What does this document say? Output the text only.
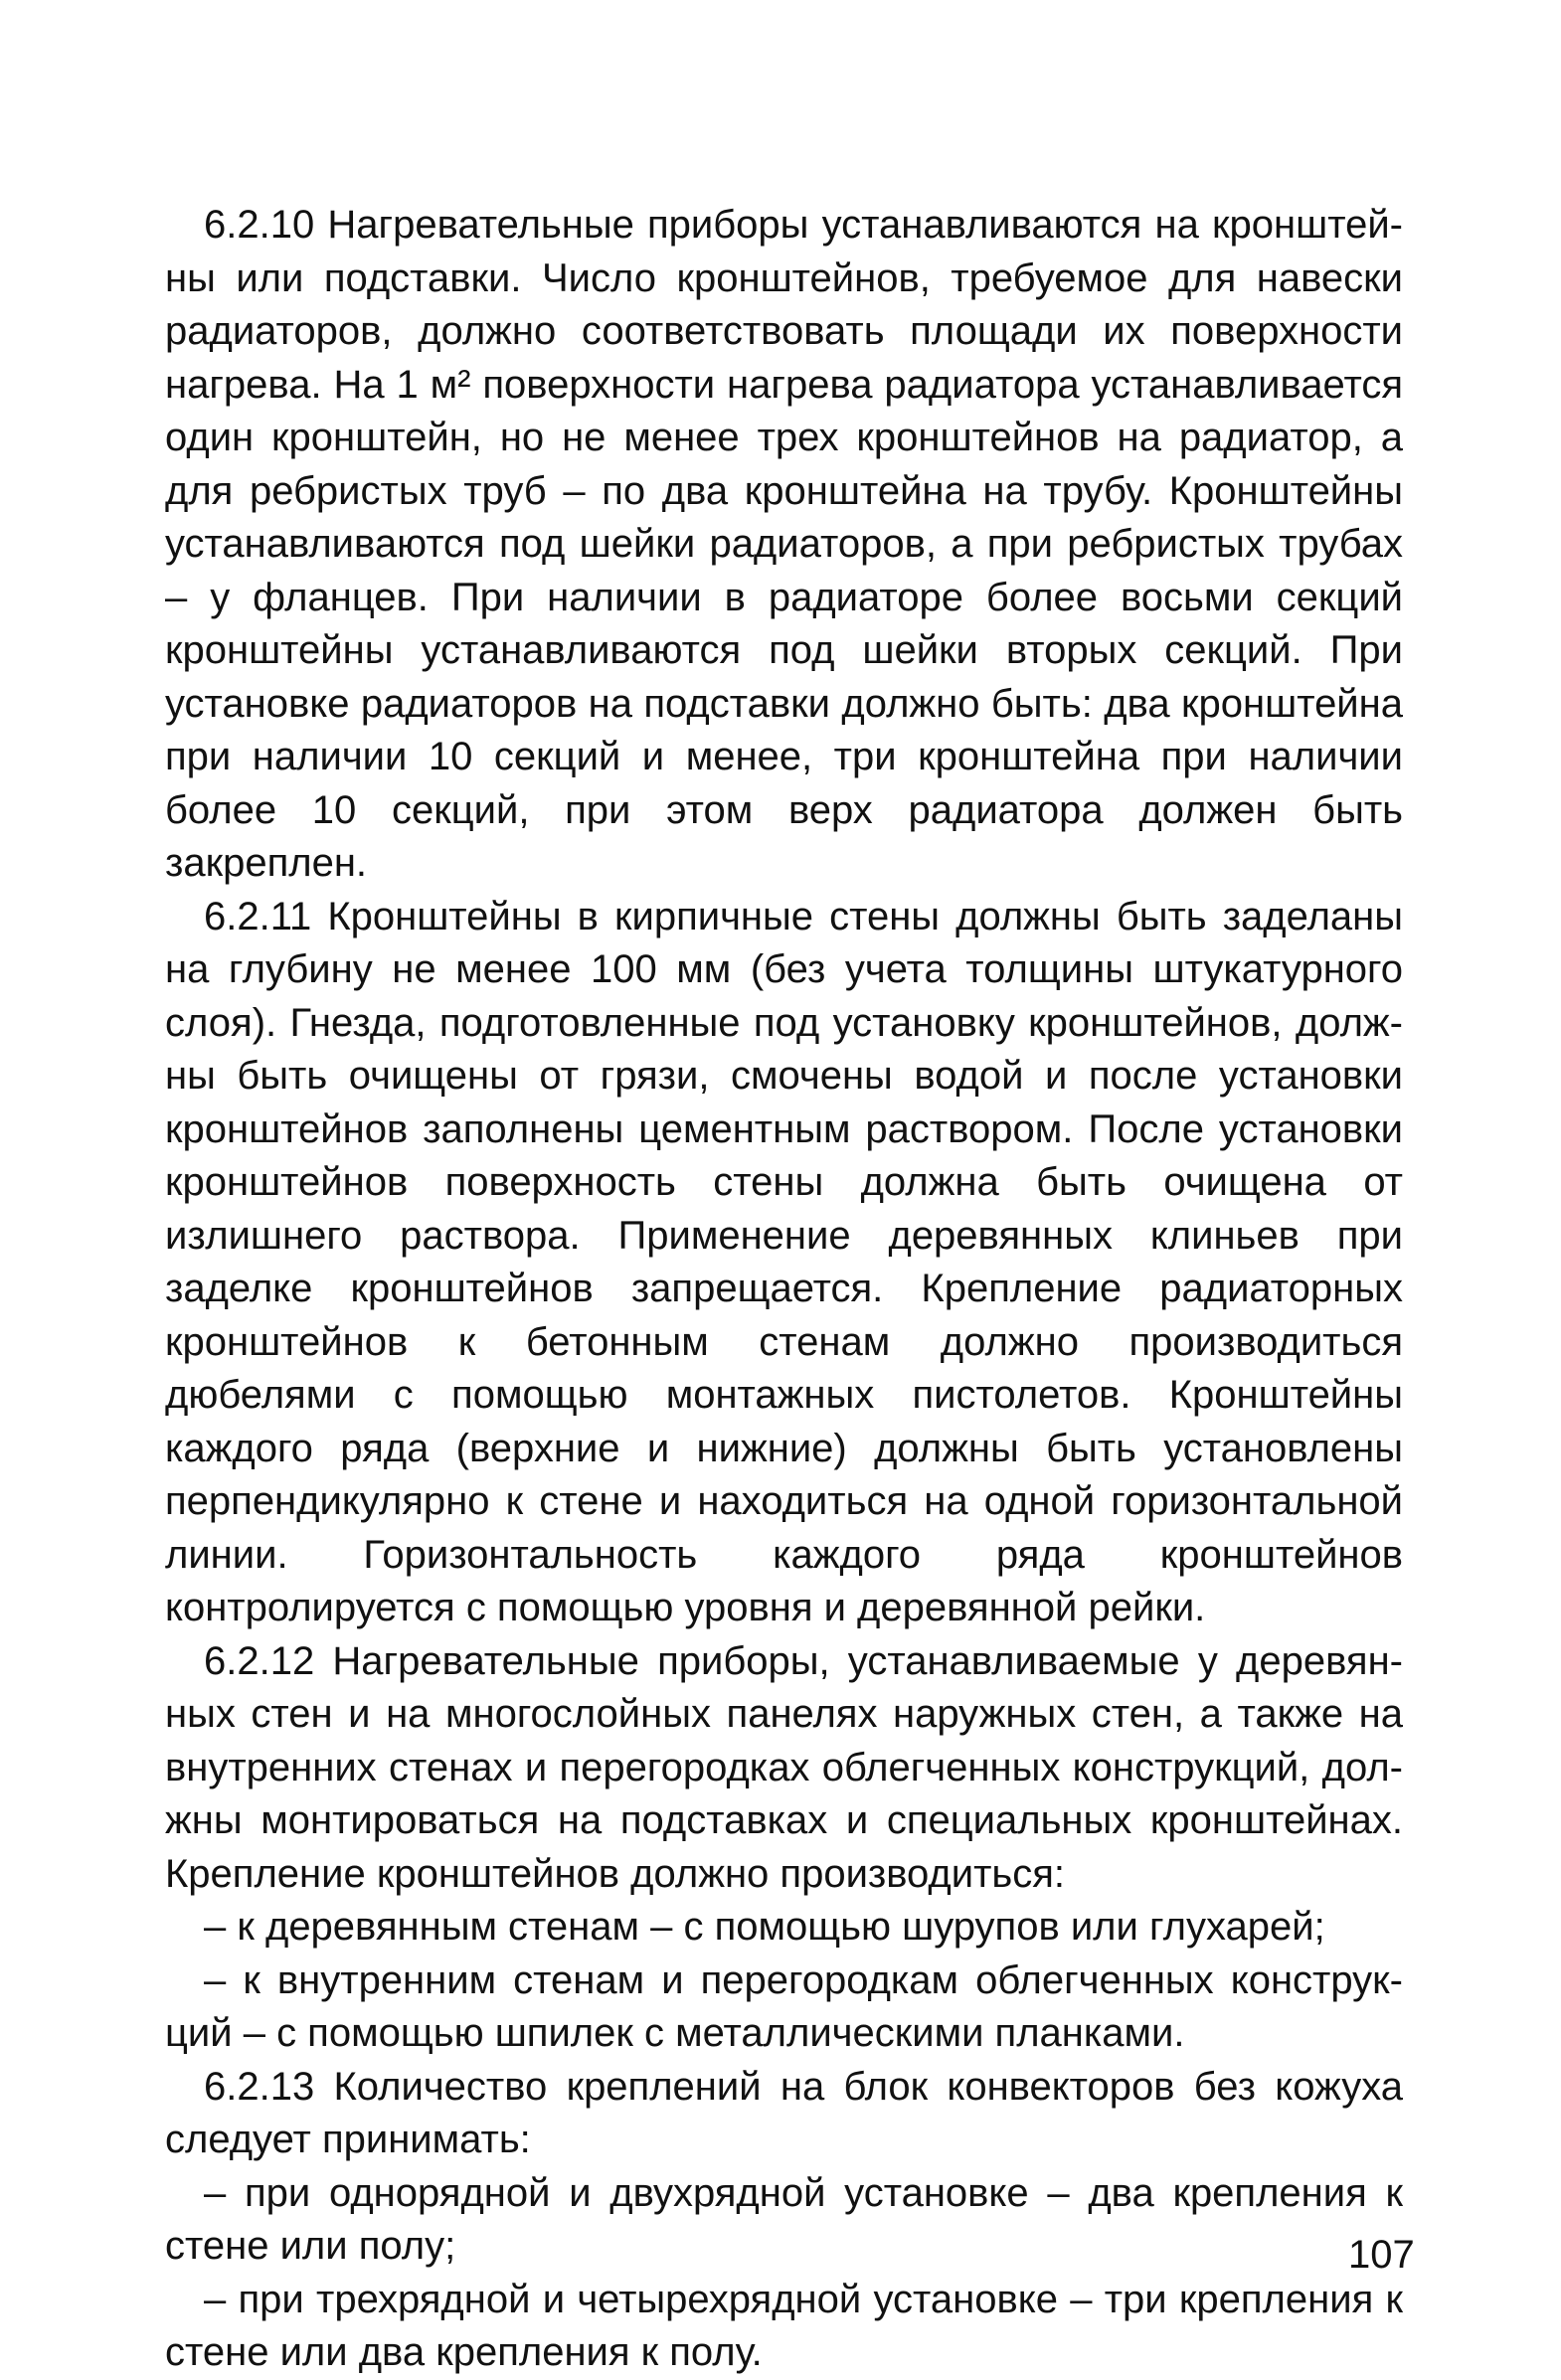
6.2.10 Нагревательные приборы устанавливаются на кронштейны или подставки. Число кронштейнов, требуемое для навески радиаторов, должно соответствовать площади их поверхности нагрева. На 1 м² поверхности нагрева радиатора устанавливается один кронштейн, но не менее трех кронштейнов на радиатор, а для ребристых труб – по два кронштейна на трубу. Кронштейны устанавливаются под шейки радиаторов, а при ребристых трубах – у фланцев. При наличии в радиаторе более восьми секций кронштейны устанавливаются под шейки вторых секций. При установке радиаторов на подставки должно быть: два кронштейна при наличии 10 секций и менее, три кронштейна при наличии более 10 секций, при этом верх радиатора должен быть закреплен.

6.2.11 Кронштейны в кирпичные стены должны быть заделаны на глубину не менее 100 мм (без учета толщины штукатурного слоя). Гнезда, подготовленные под установку кронштейнов, должны быть очищены от грязи, смочены водой и после установки кронштейнов заполнены цементным раствором. После установки кронштейнов поверхность стены должна быть очищена от излишнего раствора. Применение деревянных клиньев при заделке кронштейнов запрещается. Крепление радиаторных кронштейнов к бетонным стенам должно производиться дюбелями с помощью монтажных пистолетов. Кронштейны каждого ряда (верхние и нижние) должны быть установлены перпендикулярно к стене и находиться на одной горизонтальной линии. Горизонтальность каждого ряда кронштейнов контролируется с помощью уровня и деревянной рейки.

6.2.12 Нагревательные приборы, устанавливаемые у деревянных стен и на многослойных панелях наружных стен, а также на внутренних стенах и перегородках облегченных конструкций, должны монтироваться на подставках и специальных кронштейнах. Крепление кронштейнов должно производиться:

– к деревянным стенам – с помощью шурупов или глухарей;

– к внутренним стенам и перегородкам облегченных конструкций – с помощью шпилек с металлическими планками.

6.2.13 Количество креплений на блок конвекторов без кожуха следует принимать:

– при однорядной и двухрядной установке – два крепления к стене или полу;

– при трехрядной и четырехрядной установке – три крепления к стене или два крепления к полу.

107
